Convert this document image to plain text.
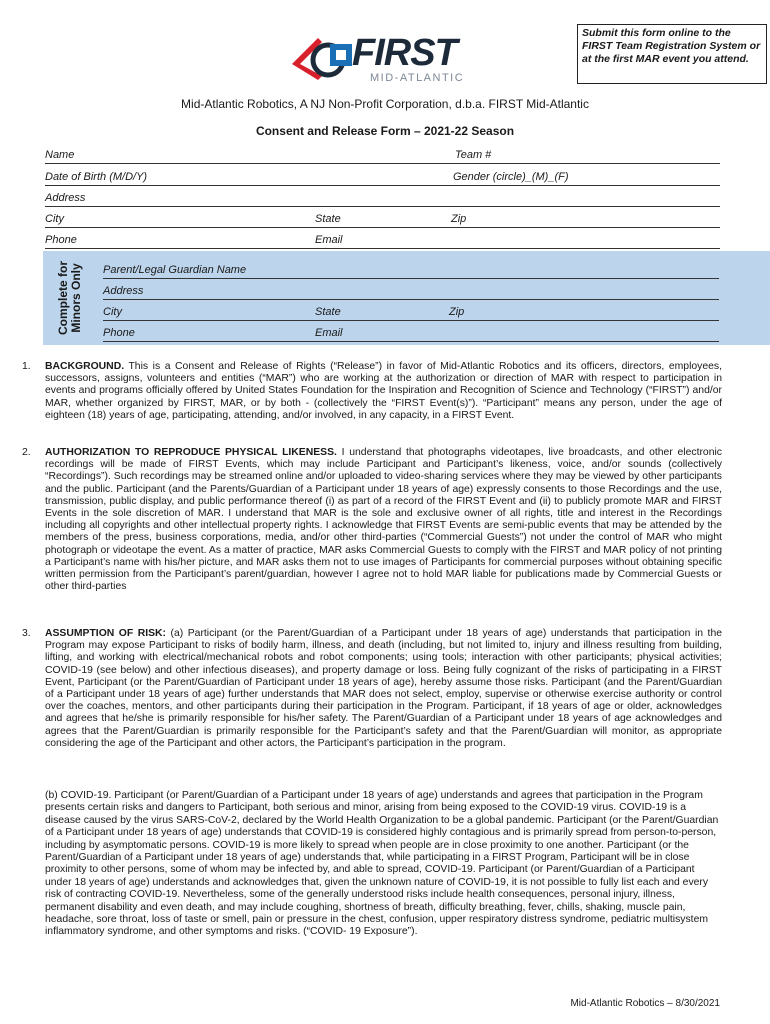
Submit this form online to the FIRST Team Registration System or at the first MAR event you attend.
FIRST
MID-ATLANTIC
Mid-Atlantic Robotics, A NJ Non-Profit Corporation, d.b.a. FIRST Mid-Atlantic
Consent and Release Form – 2021-22 Season
Name	Team #
Date of Birth (M/D/Y)	Gender (circle)_(M)_(F)
Address
City	State	Zip
Phone	Email
Parent/Legal Guardian Name
Address
City	State	Zip
Phone	Email
Complete for Minors Only
1. BACKGROUND. This is a Consent and Release of Rights (“Release”) in favor of Mid-Atlantic Robotics and its officers, directors, employees, successors, assigns, volunteers and entities (“MAR”) who are working at the authorization or direction of MAR with respect to participation in events and programs officially offered by United States Foundation for the Inspiration and Recognition of Science and Technology (“FIRST”) and/or MAR, whether organized by FIRST, MAR, or by both - (collectively the “FIRST Event(s)”). “Participant” means any person, under the age of eighteen (18) years of age, participating, attending, and/or involved, in any capacity, in a FIRST Event.
2. AUTHORIZATION TO REPRODUCE PHYSICAL LIKENESS. I understand that photographs videotapes, live broadcasts, and other electronic recordings will be made of FIRST Events, which may include Participant and Participant’s likeness, voice, and/or sounds (collectively “Recordings”). Such recordings may be streamed online and/or uploaded to video-sharing services where they may be viewed by other participants and the public. Participant (and the Parents/Guardian of a Participant under 18 years of age) expressly consents to those Recordings and the use, transmission, public display, and public performance thereof (i) as part of a record of the FIRST Event and (ii) to publicly promote MAR and FIRST Events in the sole discretion of MAR. I understand that MAR is the sole and exclusive owner of all rights, title and interest in the Recordings including all copyrights and other intellectual property rights. I acknowledge that FIRST Events are semi-public events that may be attended by the members of the press, business corporations, media, and/or other third-parties (“Commercial Guests”) not under the control of MAR who might photograph or videotape the event. As a matter of practice, MAR asks Commercial Guests to comply with the FIRST and MAR policy of not printing a Participant’s name with his/her picture, and MAR asks them not to use images of Participants for commercial purposes without obtaining specific written permission from the Participant’s parent/guardian, however I agree not to hold MAR liable for publications made by Commercial Guests or other third-parties
3. ASSUMPTION OF RISK: (a) Participant (or the Parent/Guardian of a Participant under 18 years of age) understands that participation in the Program may expose Participant to risks of bodily harm, illness, and death (including, but not limited to, injury and illness resulting from building, lifting, and working with electrical/mechanical robots and robot components; using tools; interaction with other participants; physical activities; COVID-19 (see below) and other infectious diseases), and property damage or loss. Being fully cognizant of the risks of participating in a FIRST Event, Participant (or the Parent/Guardian of Participant under 18 years of age), hereby assume those risks. Participant (and the Parent/Guardian of a Participant under 18 years of age) further understands that MAR does not select, employ, supervise or otherwise exercise authority or control over the coaches, mentors, and other participants during their participation in the Program. Participant, if 18 years of age or older, acknowledges and agrees that he/she is primarily responsible for his/her safety. The Parent/Guardian of a Participant under 18 years of age acknowledges and agrees that the Parent/Guardian is primarily responsible for the Participant’s safety and that the Parent/Guardian will monitor, as appropriate considering the age of the Participant and other actors, the Participant’s participation in the program.
(b) COVID-19. Participant (or Parent/Guardian of a Participant under 18 years of age) understands and agrees that participation in the Program presents certain risks and dangers to Participant, both serious and minor, arising from being exposed to the COVID-19 virus. COVID-19 is a disease caused by the virus SARS-CoV-2, declared by the World Health Organization to be a global pandemic. Participant (or the Parent/Guardian of a Participant under 18 years of age) understands that COVID-19 is considered highly contagious and is primarily spread from person-to-person, including by asymptomatic persons. COVID-19 is more likely to spread when people are in close proximity to one another. Participant (or the Parent/Guardian of a Participant under 18 years of age) understands that, while participating in a FIRST Program, Participant will be in close proximity to other persons, some of whom may be infected by, and able to spread, COVID-19. Participant (or Parent/Guardian of a Participant under 18 years of age) understands and acknowledges that, given the unknown nature of COVID-19, it is not possible to fully list each and every risk of contracting COVID-19. Nevertheless, some of the generally understood risks include health consequences, personal injury, illness, permanent disability and even death, and may include coughing, shortness of breath, difficulty breathing, fever, chills, shaking, muscle pain, headache, sore throat, loss of taste or smell, pain or pressure in the chest, confusion, upper respiratory distress syndrome, pediatric multisystem inflammatory syndrome, and other symptoms and risks. (“COVID- 19 Exposure”).
Mid-Atlantic Robotics – 8/30/2021
